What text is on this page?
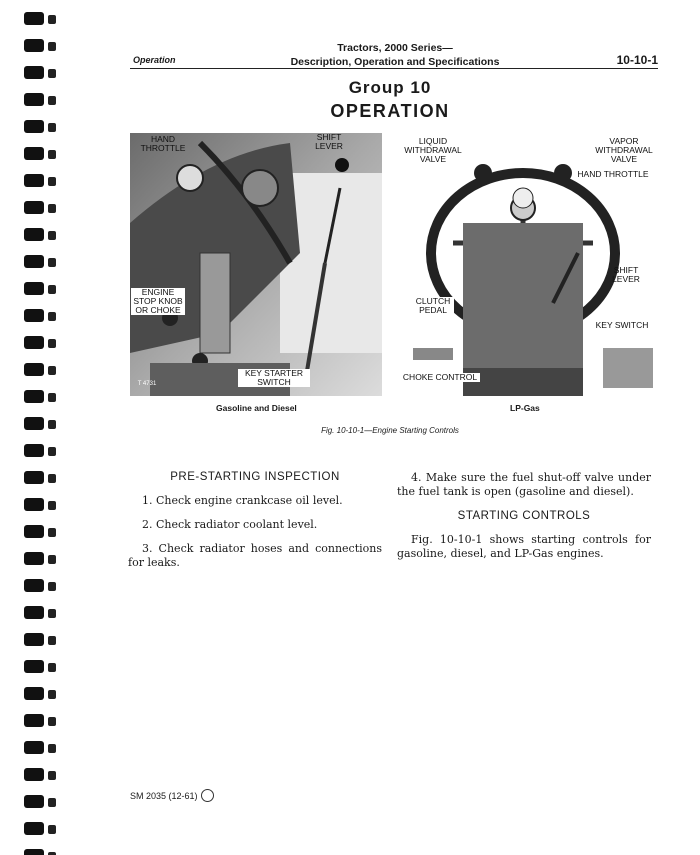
Operation
Tractors, 2000 Series—
Description, Operation and Specifications	10-10-1
Group 10
OPERATION
HAND
THROTTLE
SHIFT
LEVER
ENGINE
STOP KNOB
OR CHOKE
KEY STARTER
SWITCH
T 4731
Gasoline and Diesel
LIQUID
WITHDRAWAL
VALVE
VAPOR
WITHDRAWAL
VALVE
HAND THROTTLE
SHIFT
LEVER
CLUTCH
PEDAL
KEY SWITCH
CHOKE CONTROL
LP-Gas
Fig. 10-10-1—Engine Starting Controls
PRE-STARTING INSPECTION

1. Check engine crankcase oil level.

2. Check radiator coolant level.

3. Check radiator hoses and connections for leaks.

4. Make sure the fuel shut-off valve under the fuel tank is open (gasoline and diesel).

STARTING CONTROLS

Fig. 10-10-1 shows starting controls for gasoline, diesel, and LP-Gas engines.

SM 2035 (12-61)
